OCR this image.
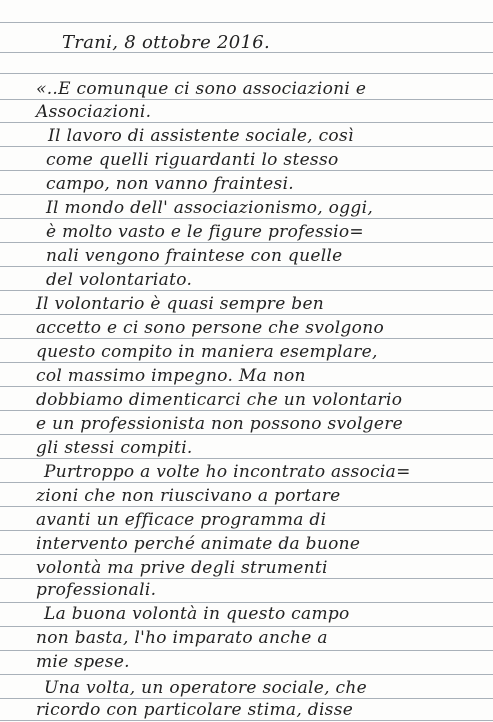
Trani, 8 ottobre 2016.
«..E comunque ci sono associazioni e
Associazioni.
Il lavoro di assistente sociale, così
come quelli riguardanti lo stesso
campo, non vanno fraintesi.
Il mondo dell' associazionismo, oggi,
è molto vasto e le figure professio=
nali vengono fraintese con quelle
del volontariato.
Il volontario è quasi sempre ben
accetto e ci sono persone che svolgono
questo compito in maniera esemplare,
col massimo impegno. Ma non
dobbiamo dimenticarci che un volontario
e un professionista non possono svolgere
gli stessi compiti.
Purtroppo a volte ho incontrato associa=
zioni che non riuscivano a portare
avanti un efficace programma di
intervento perché animate da buone
volontà ma prive degli strumenti
professionali.
La buona volontà in questo campo
non basta, l'ho imparato anche a
mie spese.
Una volta, un operatore sociale, che
ricordo con particolare stima, disse
